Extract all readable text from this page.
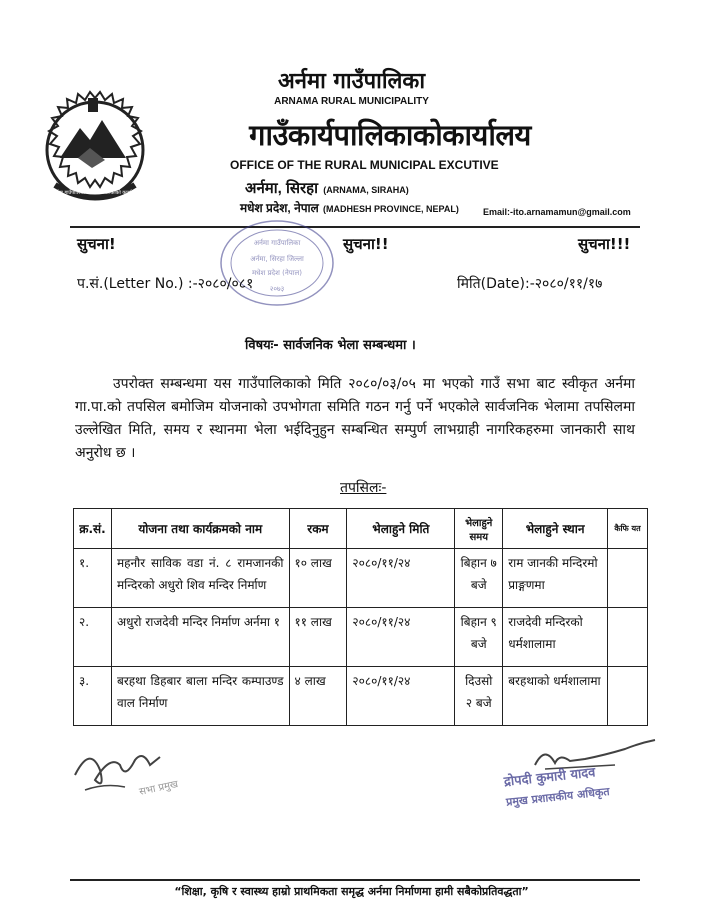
अर्नमा गाउँपालिका गाउँकार्यपालिकाको कार्यालय
अर्नमा गाउँपालिका
ARNAMA RURAL MUNICIPALITY
गाउँकार्यपालिकाकोकार्यालय
OFFICE OF THE RURAL MUNICIPAL EXCUTIVE
अर्नमा, सिरहा (ARNAMA, SIRAHA)
मधेश प्रदेश, नेपाल (MADHESH PROVINCE, NEPAL)	Email:-ito.arnamamun@gmail.com
सुचना!	सुचना!!	सुचना!!!
अर्नमा गाउँपालिका
अर्नमा, सिरहा जिल्ला
मधेश प्रदेश (नेपाल)
२०७३
प.सं.(Letter No.) :-२०८०/०८१	मिति(Date):-२०८०/११/१७
विषयः- सार्वजनिक भेला सम्बन्धमा ।
उपरोक्त सम्बन्धमा यस गाउँपालिकाको मिति २०८०/०३/०५ मा भएको गाउँ सभा बाट स्वीकृत अर्नमा गा.पा.को तपसिल बमोजिम योजनाको उपभोगता समिति गठन गर्नु पर्ने भएकोले सार्वजनिक भेलामा तपसिलमा उल्लेखित मिति, समय र स्थानमा भेला भईदिनुहुन सम्बन्धित सम्पुर्ण लाभग्राही नागरिकहरुमा जानकारी साथ अनुरोध छ ।
तपसिलः-
क्र.सं.	योजना तथा कार्यक्रमको नाम	रकम	भेलाहुने मिति	भेलाहुने समय	भेलाहुने स्थान	कैफि यत
१.	महनौर साविक वडा नं. ८ रामजानकी मन्दिरको अधुरो शिव मन्दिर निर्माण	१० लाख	२०८०/११/२४	बिहान ७ बजे	राम जानकी मन्दिरमो प्राङ्गणमा	
२.	अधुरो राजदेवी मन्दिर निर्माण अर्नमा १	११ लाख	२०८०/११/२४	बिहान ९ बजे	राजदेवी मन्दिरको धर्मशालामा	
३.	बरहथा डिहबार बाला मन्दिर कम्पाउण्ड वाल निर्माण	४ लाख	२०८०/११/२४	दिउसो २ बजे	बरहथाको धर्मशालामा	
सभा प्रमुख	द्रोपदी कुमारी यादव
प्रमुख प्रशासकीय अधिकृत
“शिक्षा, कृषि र स्वास्थ्य हाम्रो प्राथमिकता समृद्ध अर्नमा निर्माणमा हामी सबैकोप्रतिवद्धता”
